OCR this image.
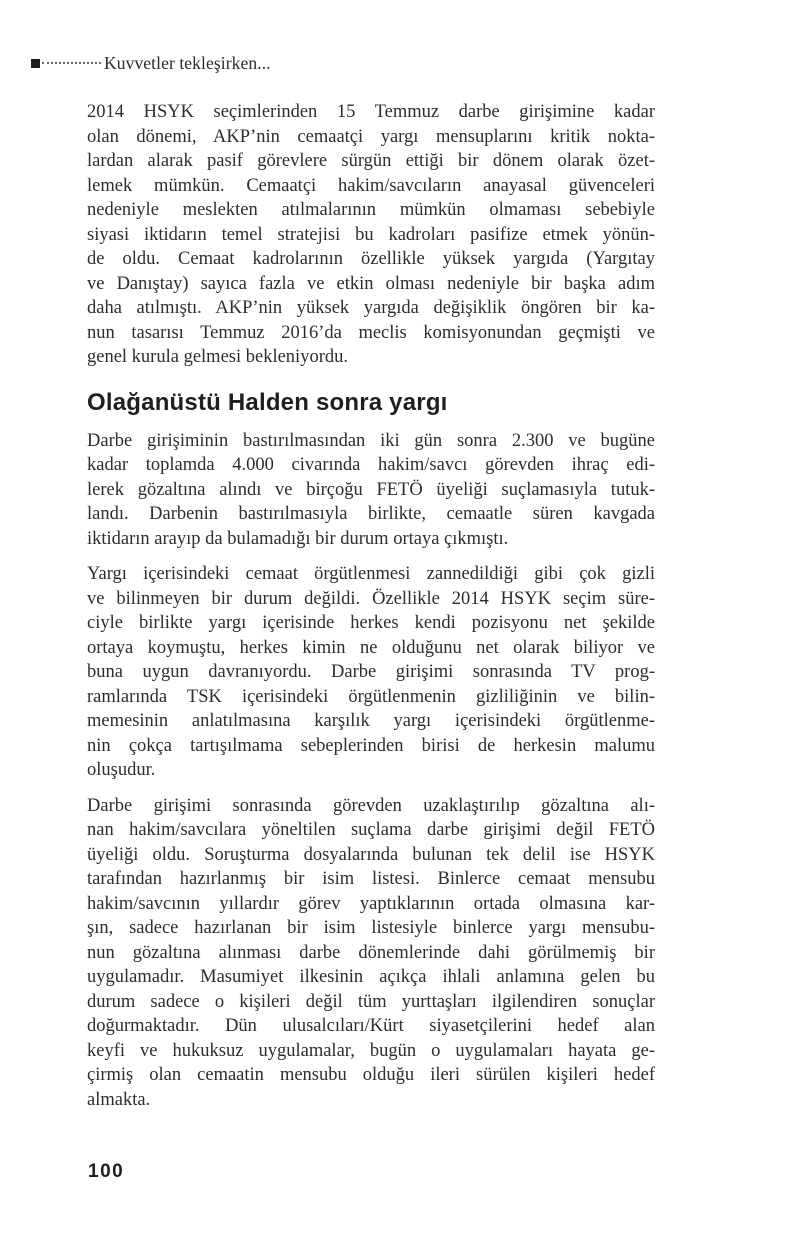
Kuvvetler tekleşirken...
2014 HSYK seçimlerinden 15 Temmuz darbe girişimine kadar
olan dönemi, AKP’nin cemaatçi yargı mensuplarını kritik nokta-
lardan alarak pasif görevlere sürgün ettiği bir dönem olarak özet-
lemek mümkün. Cemaatçi hakim/savcıların anayasal güvenceleri
nedeniyle meslekten atılmalarının mümkün olmaması sebebiyle
siyasi iktidarın temel stratejisi bu kadroları pasifize etmek yönün-
de oldu. Cemaat kadrolarının özellikle yüksek yargıda (Yargıtay
ve Danıştay) sayıca fazla ve etkin olması nedeniyle bir başka adım
daha atılmıştı. AKP’nin yüksek yargıda değişiklik öngören bir ka-
nun tasarısı Temmuz 2016’da meclis komisyonundan geçmişti ve
genel kurula gelmesi bekleniyordu.
Olağanüstü Halden sonra yargı
Darbe girişiminin bastırılmasından iki gün sonra 2.300 ve bugüne
kadar toplamda 4.000 civarında hakim/savcı görevden ihraç edi-
lerek gözaltına alındı ve birçoğu FETÖ üyeliği suçlamasıyla tutuk-
landı. Darbenin bastırılmasıyla birlikte, cemaatle süren kavgada
iktidarın arayıp da bulamadığı bir durum ortaya çıkmıştı.
Yargı içerisindeki cemaat örgütlenmesi zannedildiği gibi çok gizli
ve bilinmeyen bir durum değildi. Özellikle 2014 HSYK seçim süre-
ciyle birlikte yargı içerisinde herkes kendi pozisyonu net şekilde
ortaya koymuştu, herkes kimin ne olduğunu net olarak biliyor ve
buna uygun davranıyordu. Darbe girişimi sonrasında TV prog-
ramlarında TSK içerisindeki örgütlenmenin gizliliğinin ve bilin-
memesinin anlatılmasına karşılık yargı içerisindeki örgütlenme-
nin çokça tartışılmama sebeplerinden birisi de herkesin malumu
oluşudur.
Darbe girişimi sonrasında görevden uzaklaştırılıp gözaltına alı-
nan hakim/savcılara yöneltilen suçlama darbe girişimi değil FETÖ
üyeliği oldu. Soruşturma dosyalarında bulunan tek delil ise HSYK
tarafından hazırlanmış bir isim listesi. Binlerce cemaat mensubu
hakim/savcının yıllardır görev yaptıklarının ortada olmasına kar-
şın, sadece hazırlanan bir isim listesiyle binlerce yargı mensubu-
nun gözaltına alınması darbe dönemlerinde dahi görülmemiş bir
uygulamadır. Masumiyet ilkesinin açıkça ihlali anlamına gelen bu
durum sadece o kişileri değil tüm yurttaşları ilgilendiren sonuçlar
doğurmaktadır. Dün ulusalcıları/Kürt siyasetçilerini hedef alan
keyfi ve hukuksuz uygulamalar, bugün o uygulamaları hayata ge-
çirmiş olan cemaatin mensubu olduğu ileri sürülen kişileri hedef
almakta.
100
